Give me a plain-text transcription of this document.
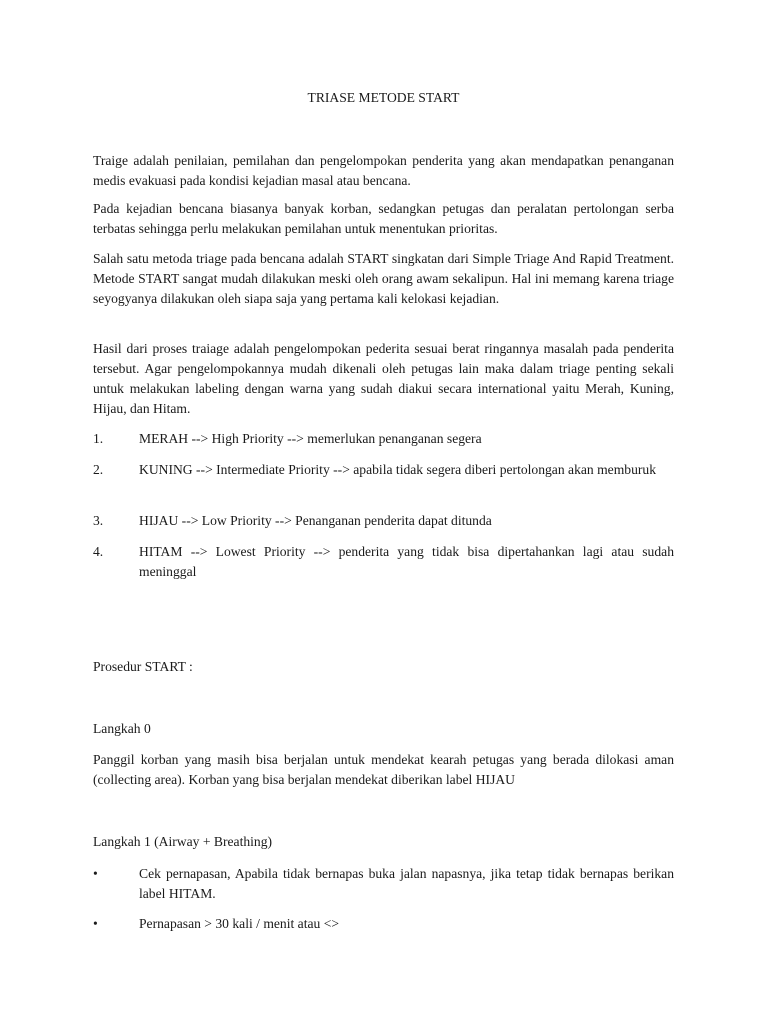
TRIASE METODE START

Traige adalah penilaian, pemilahan dan pengelompokan penderita yang akan mendapatkan penanganan medis evakuasi pada kondisi kejadian masal atau bencana.

Pada kejadian bencana biasanya banyak korban, sedangkan petugas dan peralatan pertolongan serba terbatas sehingga perlu melakukan pemilahan untuk menentukan prioritas.

Salah satu metoda triage pada bencana adalah START singkatan dari Simple Triage And Rapid Treatment. Metode START sangat mudah dilakukan meski oleh orang awam sekalipun. Hal ini memang karena triage seyogyanya dilakukan oleh siapa saja yang pertama kali kelokasi kejadian.

Hasil dari proses traiage adalah pengelompokan pederita sesuai berat ringannya masalah pada penderita tersebut. Agar pengelompokannya mudah dikenali oleh petugas lain maka dalam triage penting sekali untuk melakukan labeling dengan warna yang sudah diakui secara international yaitu Merah, Kuning, Hijau, dan Hitam.

1.	MERAH --> High Priority --> memerlukan penanganan segera

2.	KUNING --> Intermediate Priority --> apabila tidak segera diberi pertolongan akan memburuk

3.	HIJAU --> Low Priority --> Penanganan penderita dapat ditunda

4.	HITAM --> Lowest Priority --> penderita yang tidak bisa dipertahankan lagi atau sudah meninggal

Prosedur START :
Langkah 0

Panggil korban yang masih bisa berjalan untuk mendekat kearah petugas yang berada dilokasi aman (collecting area). Korban yang bisa berjalan mendekat diberikan label HIJAU

Langkah 1 (Airway + Breathing)
•	Cek pernapasan, Apabila tidak bernapas buka jalan napasnya, jika tetap tidak bernapas berikan label HITAM.

•	Pernapasan > 30 kali / menit atau <>
